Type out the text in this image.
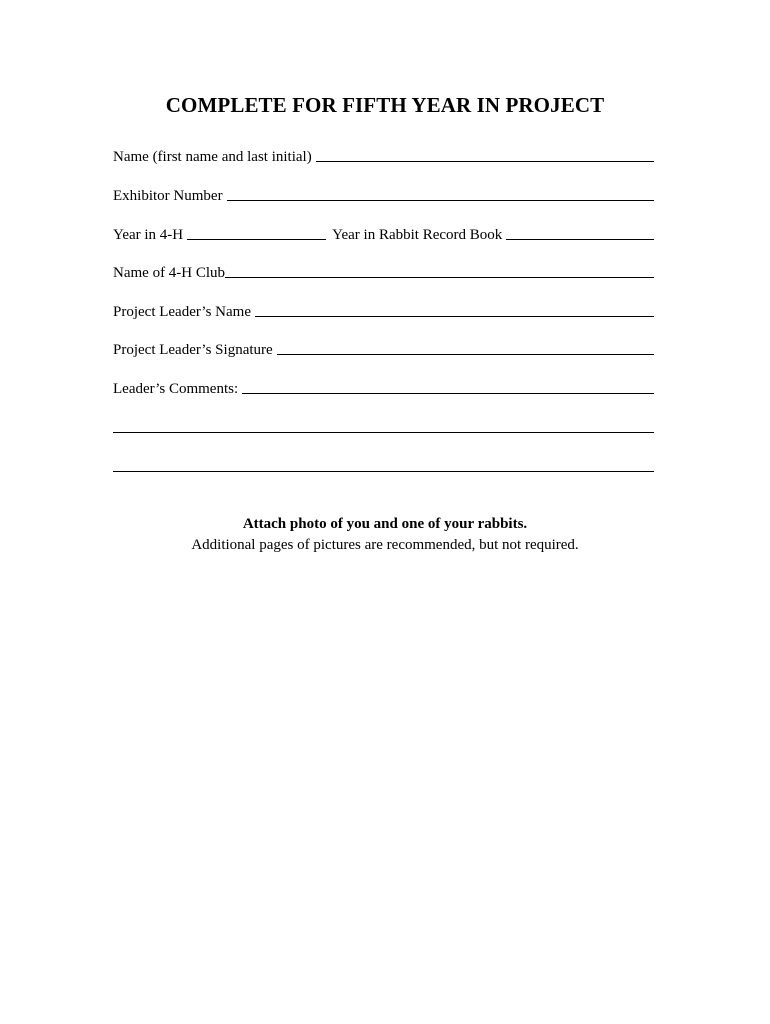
COMPLETE FOR FIFTH YEAR IN PROJECT
Name (first name and last initial)
Exhibitor Number
Year in 4-H	Year in Rabbit Record Book
Name of 4-H Club
Project Leader’s Name
Project Leader’s Signature
Leader’s Comments:
Attach photo of you and one of your rabbits.
Additional pages of pictures are recommended, but not required.
